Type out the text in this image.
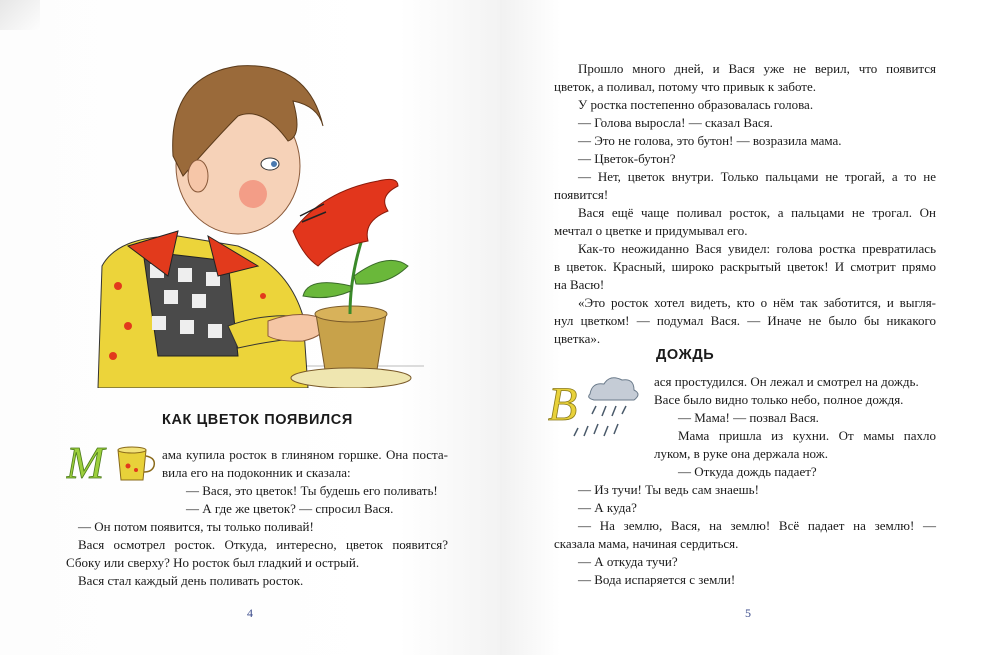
КАК ЦВЕТОК ПОЯВИЛСЯ
М	ама купила росток в глиняном горшке. Она поста-
вила его на подоконник и сказала:
— Вася, это цветок! Ты будешь его поливать!
— А где же цветок? — спросил Вася.
— Он потом появится, ты только поливай!
Вася осмотрел росток. Откуда, интересно, цветок появится?
Сбоку или сверху? Но росток был гладкий и острый.
Вася стал каждый день поливать росток.
4
Прошло много дней, и Вася уже не верил, что появится
цветок, а поливал, потому что привык к заботе.
У ростка постепенно образовалась голова.
— Голова выросла! — сказал Вася.
— Это не голова, это бутон! — возразила мама.
— Цветок-бутон?
— Нет, цветок внутри. Только пальцами не трогай, а то не
появится!
Вася ещё чаще поливал росток, а пальцами не трогал. Он
мечтал о цветке и придумывал его.
Как-то неожиданно Вася увидел: голова ростка превратилась
в цветок. Красный, широко раскрытый цветок! И смотрит прямо
на Васю!
«Это росток хотел видеть, кто о нём так заботится, и выгля-
нул цветком! — подумал Вася. — Иначе не было бы никакого
цветка».
ДОЖДЬ
В	ася простудился. Он лежал и смотрел на дождь.
Васе было видно только небо, полное дождя.
— Мама! — позвал Вася.
Мама пришла из кухни. От мамы пахло
луком, в руке она держала нож.
— Откуда дождь падает?
— Из тучи! Ты ведь сам знаешь!
— А куда?
— На землю, Вася, на землю! Всё падает на землю! —
сказала мама, начиная сердиться.
— А откуда тучи?
— Вода испаряется с земли!
5
